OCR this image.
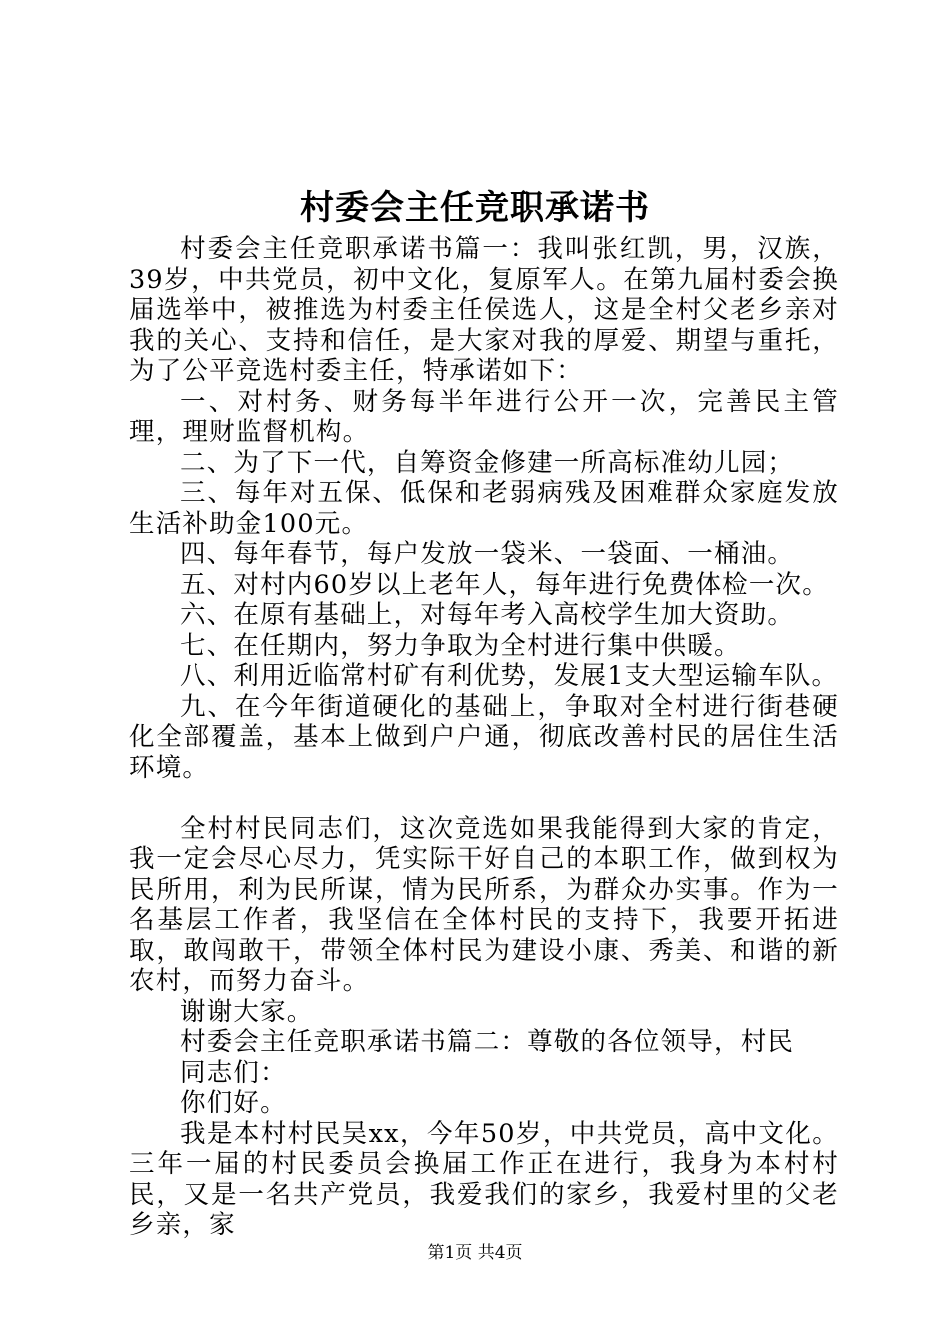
村委会主任竞职承诺书

村委会主任竞职承诺书篇一：我叫张红凯，男，汉族，39岁，中共党员，初中文化，复原军人。在第九届村委会换届选举中，被推选为村委主任侯选人，这是全村父老乡亲对我的关心、支持和信任，是大家对我的厚爱、期望与重托，为了公平竞选村委主任，特承诺如下：

一、对村务、财务每半年进行公开一次，完善民主管理，理财监督机构。

二、为了下一代，自筹资金修建一所高标准幼儿园；

三、每年对五保、低保和老弱病残及困难群众家庭发放生活补助金100元。

四、每年春节，每户发放一袋米、一袋面、一桶油。

五、对村内60岁以上老年人，每年进行免费体检一次。

六、在原有基础上，对每年考入高校学生加大资助。

七、在任期内，努力争取为全村进行集中供暖。

八、利用近临常村矿有利优势，发展1支大型运输车队。

九、在今年街道硬化的基础上，争取对全村进行街巷硬化全部覆盖，基本上做到户户通，彻底改善村民的居住生活环境。

全村村民同志们，这次竞选如果我能得到大家的肯定，我一定会尽心尽力，凭实际干好自己的本职工作，做到权为民所用，利为民所谋，情为民所系，为群众办实事。作为一名基层工作者，我坚信在全体村民的支持下，我要开拓进取，敢闯敢干，带领全体村民为建设小康、秀美、和谐的新农村，而努力奋斗。

谢谢大家。

村委会主任竞职承诺书篇二：尊敬的各位领导，村民

同志们：

你们好。

我是本村村民吴xx，今年50岁，中共党员，高中文化。三年一届的村民委员会换届工作正在进行，我身为本村村民，又是一名共产党员，我爱我们的家乡，我爱村里的父老乡亲，家

第1页 共4页
